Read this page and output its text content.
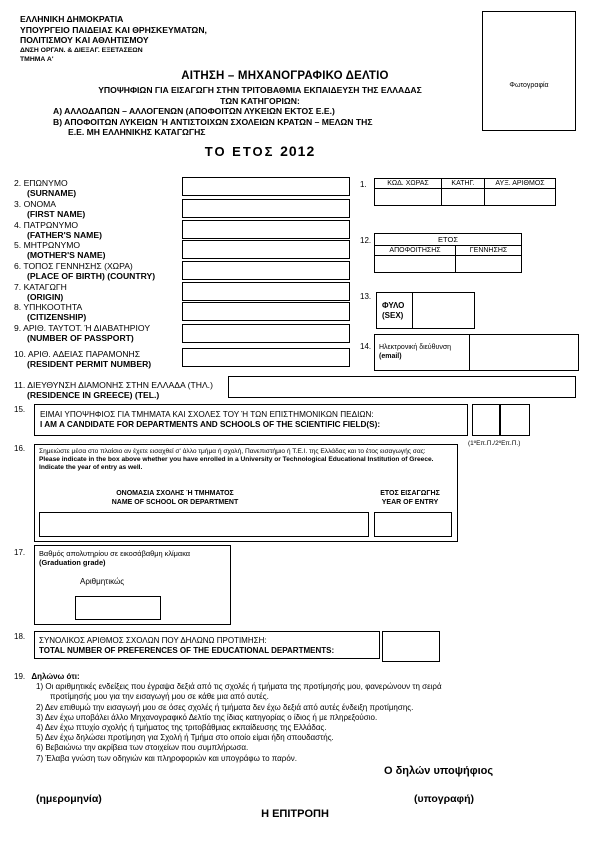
ΕΛΛΗΝΙΚΗ ΔΗΜΟΚΡΑΤΙΑ
ΥΠΟΥΡΓΕΙΟ ΠΑΙΔΕΙΑΣ ΚΑΙ ΘΡΗΣΚΕΥΜΑΤΩΝ,
ΠΟΛΙΤΙΣΜΟΥ ΚΑΙ ΑΘΛΗΤΙΣΜΟΥ
ΔΝΣΗ ΟΡΓΑΝ. & ΔΙΕΞΑΓ. ΕΞΕΤΑΣΕΩΝ
ΤΜΗΜΑ Α'
Φωτογραφία
ΑΙΤΗΣΗ – ΜΗΧΑΝΟΓΡΑΦΙΚΟ ΔΕΛΤΙΟ
ΥΠΟΨΗΦΙΩΝ ΓΙΑ ΕΙΣΑΓΩΓΗ ΣΤΗΝ ΤΡΙΤΟΒΑΘΜΙΑ ΕΚΠΑΙΔΕΥΣΗ ΤΗΣ ΕΛΛΑΔΑΣ
ΤΩΝ ΚΑΤΗΓΟΡΙΩΝ:
Α) ΑΛΛΟΔΑΠΩΝ – ΑΛΛΟΓΕΝΩΝ (ΑΠΟΦΟΙΤΩΝ ΛΥΚΕΙΩΝ ΕΚΤΟΣ Ε.Ε.)
Β) ΑΠΟΦΟΙΤΩΝ ΛΥΚΕΙΩΝ Ή ΑΝΤΙΣΤΟΙΧΩΝ ΣΧΟΛΕΙΩΝ ΚΡΑΤΩΝ – ΜΕΛΩΝ ΤΗΣ
Ε.Ε. ΜΗ ΕΛΛΗΝΙΚΗΣ ΚΑΤΑΓΩΓΗΣ
ΤΟ ΕΤΟΣ 2012
2. ΕΠΩΝΥΜΟ
(SURNAME)
3. ΟΝΟΜΑ
(FIRST NAME)
4. ΠΑΤΡΩΝΥΜΟ
(FATHER'S NAME)
5. ΜΗΤΡΩΝΥΜΟ
(MOTHER'S NAME)
6. ΤΟΠΟΣ ΓΕΝΝΗΣΗΣ (ΧΩΡΑ)
(PLACE OF BIRTH) (COUNTRY)
7. ΚΑΤΑΓΩΓΗ
(ORIGIN)
8. ΥΠΗΚΟΟΤΗΤΑ
(CITIZENSHIP)
9. ΑΡΙΘ. ΤΑΥΤΟΤ. Ή ΔΙΑΒΑΤΗΡΙΟΥ
(NUMBER OF PASSPORT)
10. ΑΡΙΘ. ΑΔΕΙΑΣ ΠΑΡΑΜΟΝΗΣ
(RESIDENT PERMIT NUMBER)
1.	ΚΩΔ. ΧΩΡΑΣ	ΚΑΤΗΓ.	ΑΥΞ. ΑΡΙΘΜΟΣ

12.	ΕΤΟΣ	
ΑΠΟΦΟΙΤΗΣΗΣ	ΓΕΝΝΗΣΗΣ

13.
ΦΥΛΟ
(SEX)
14. Ηλεκτρονική διεύθυνση
(email)
11. ΔΙΕΥΘΥΝΣΗ ΔΙΑΜΟΝΗΣ ΣΤΗΝ ΕΛΛΑΔΑ (ΤΗΛ.)
(RESIDENCE IN GREECE) (TEL.)
15.
ΕΙΜΑΙ ΥΠΟΨΗΦΙΟΣ ΓΙΑ ΤΜΗΜΑΤΑ ΚΑΙ ΣΧΟΛΕΣ ΤΟΥ Ή ΤΩΝ ΕΠΙΣΤΗΜΟΝΙΚΩΝ ΠΕΔΙΩΝ:
I AM A CANDIDATE FOR DEPARTMENTS AND SCHOOLS OF THE SCIENTIFIC FIELD(S):
(1ºΕπ.Π./2ºΕπ.Π.)
16. Σημειώστε μέσα στο πλαίσιο αν έχετε εισαχθεί σ' άλλο τμήμα ή σχολή, Πανεπιστήμιο ή Τ.Ε.Ι. της Ελλάδας και το έτος εισαγωγής σας:
Please indicate in the box above whether you have enrolled in a University or Technological Educational Institution of Greece. Indicate the year of entry as well.
ΟΝΟΜΑΣΙΑ ΣΧΟΛΗΣ Ή ΤΜΗΜΑΤΟΣ
NAME OF SCHOOL OR DEPARTMENT
ΕΤΟΣ ΕΙΣΑΓΩΓΗΣ
YEAR OF ENTRY
17. Βαθμός απολυτηρίου σε εικοσάβαθμη κλίμακα
(Graduation grade)
Αριθμητικώς
18. ΣΥΝΟΛΙΚΟΣ ΑΡΙΘΜΟΣ ΣΧΟΛΩΝ ΠΟΥ ΔΗΛΩΝΩ ΠΡΟΤΙΜΗΣΗ:
TOTAL NUMBER OF PREFERENCES OF THE EDUCATIONAL DEPARTMENTS:
19. Δηλώνω ότι:
1) Οι αριθμητικές ενδείξεις που έγραψα δεξιά από τις σχολές ή τμήματα της προτίμησής μου, φανερώνουν τη σειρά
προτίμησής μου για την εισαγωγή μου σε κάθε μια από αυτές.
2) Δεν επιθυμώ την εισαγωγή μου σε όσες σχολές ή τμήματα δεν έχω δεξιά από αυτές ένδειξη προτίμησης.
3) Δεν έχω υποβάλει άλλο Μηχανογραφικό Δελτίο της ίδιας κατηγορίας ο ίδιος ή με πληρεξούσιο.
4) Δεν έχω πτυχίο σχολής ή τμήματος της τριτοβάθμιας εκπαίδευσης της Ελλάδας.
5) Δεν έχω δηλώσει προτίμηση για Σχολή ή Τμήμα στο οποίο είμαι ήδη σπουδαστής.
6) Βεβαιώνω την ακρίβεια των στοιχείων που συμπλήρωσα.
7) Έλαβα γνώση των οδηγιών και πληροφοριών και υπογράφω το παρόν.
Ο δηλών υποψήφιος
(ημερομηνία)	(υπογραφή)
Η ΕΠΙΤΡΟΠΗ
